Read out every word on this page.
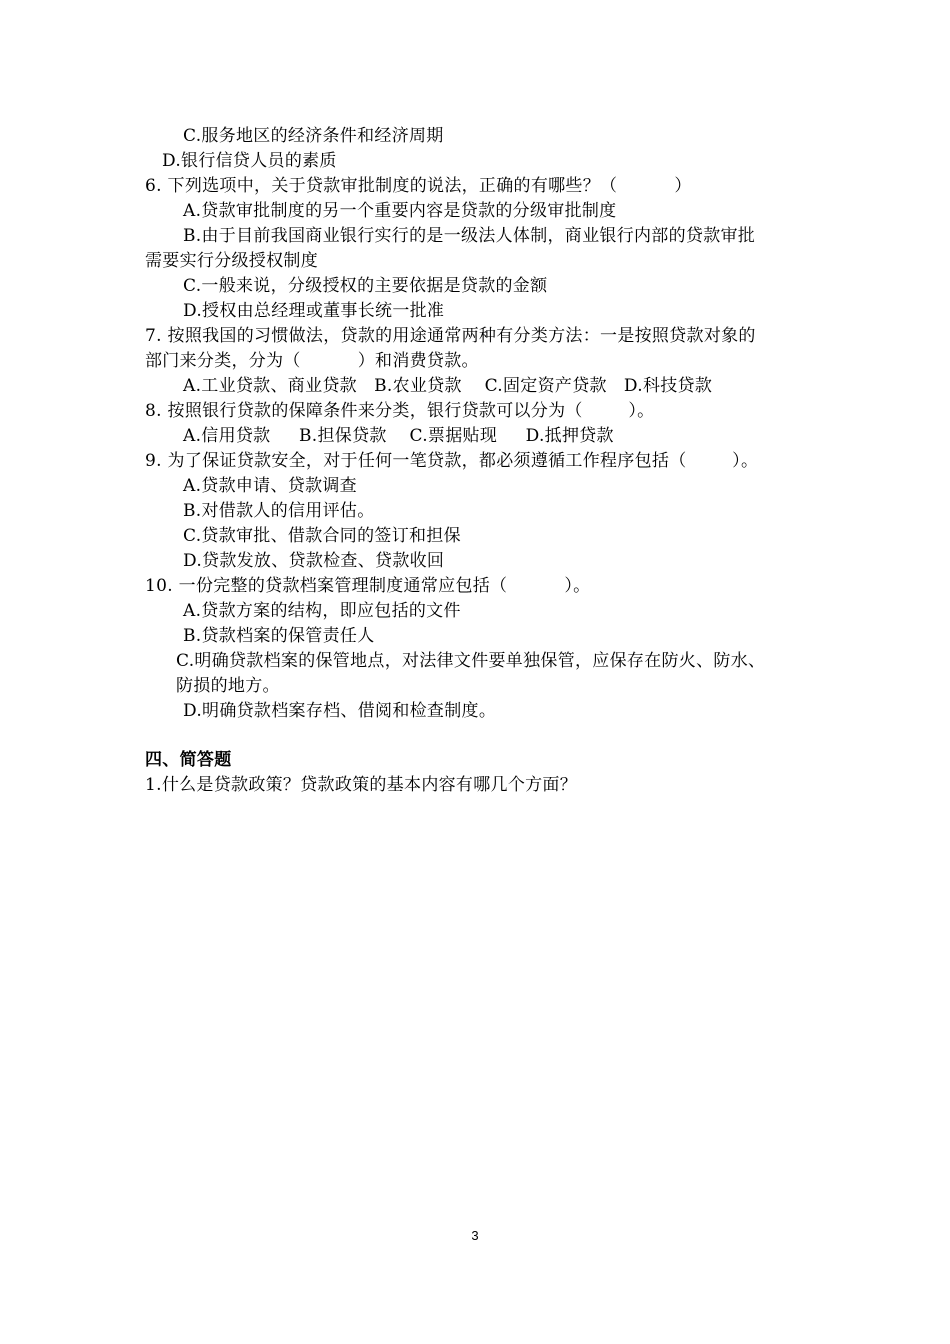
C.服务地区的经济条件和经济周期
D.银行信贷人员的素质
6. 下列选项中，关于贷款审批制度的说法，正确的有哪些？（          ）
A.贷款审批制度的另一个重要内容是贷款的分级审批制度
B.由于目前我国商业银行实行的是一级法人体制，商业银行内部的贷款审批
需要实行分级授权制度
C.一般来说，分级授权的主要依据是贷款的金额
D.授权由总经理或董事长统一批准
7. 按照我国的习惯做法，贷款的用途通常两种有分类方法：一是按照贷款对象的
部门来分类，分为（          ）和消费贷款。
A.工业贷款、商业贷款   B.农业贷款    C.固定资产贷款   D.科技贷款
8. 按照银行贷款的保障条件来分类，银行贷款可以分为（        ）。
A.信用贷款     B.担保贷款    C.票据贴现     D.抵押贷款
9. 为了保证贷款安全，对于任何一笔贷款，都必须遵循工作程序包括（        ）。
A.贷款申请、贷款调查
B.对借款人的信用评估。
C.贷款审批、借款合同的签订和担保
D.贷款发放、贷款检查、贷款收回
10. 一份完整的贷款档案管理制度通常应包括（          ）。
A.贷款方案的结构，即应包括的文件
B.贷款档案的保管责任人
C.明确贷款档案的保管地点，对法律文件要单独保管，应保存在防火、防水、
防损的地方。
D.明确贷款档案存档、借阅和检查制度。
四、简答题
1.什么是贷款政策？贷款政策的基本内容有哪几个方面？
3
